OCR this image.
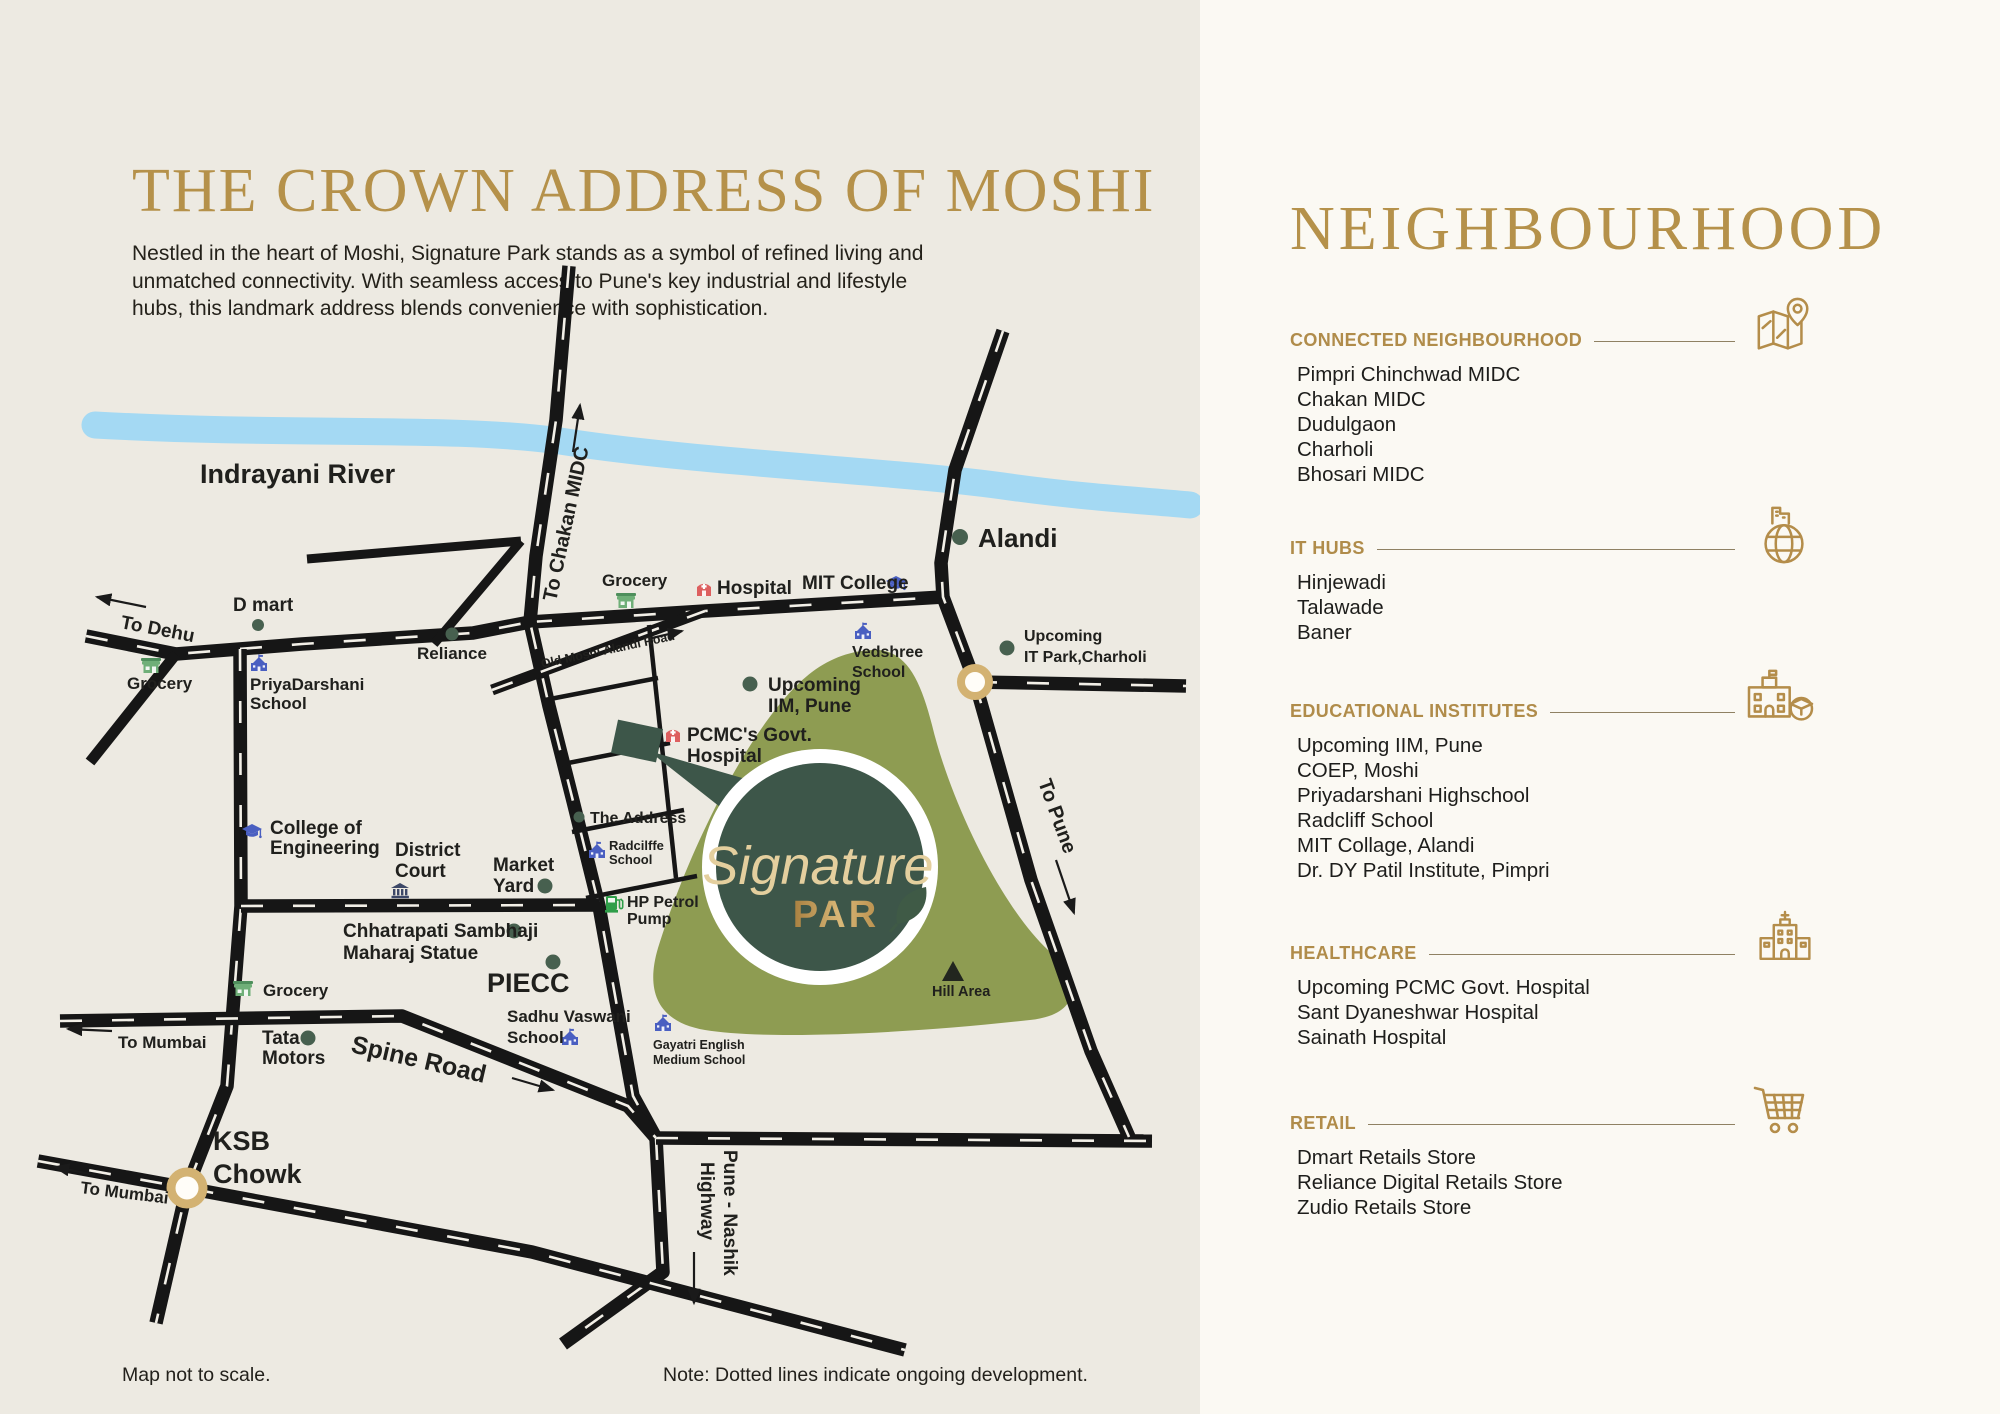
THE CROWN ADDRESS OF MOSHI
Nestled in the heart of Moshi, Signature Park stands as a symbol of refined living and
unmatched connectivity. With seamless access to Pune's key industrial and lifestyle
hubs, this landmark address blends convenience with sophistication.
Signature
PAR
Hill Area
Indrayani River
To Dehu
D mart
Grocery	PriyaDarshani
School
Reliance
To Chakan MIDC Grocery	Hospital MIT College
Old Moshi Alandi Road	Vedshree
School
Alandi
Upcoming
IT Park,Charholi
Upcoming
IIM, Pune
PCMC's Govt.
Hospital
The Address
Radcilffe
School
HP Petrol
Pump
College of
Engineering District
Court Market
Yard
Chhatrapati Sambhaji
Maharaj Statue
PIECC
Grocery
Tata
Motors
Sadhu Vaswani
School
Spine Road	Gayatri English
Medium School
To Mumbai
KSB
Chowk
To Mumbai
To Pune
Pune - Nashik
Highway
Map not to scale.	Note: Dotted lines indicate ongoing development.
NEIGHBOURHOOD
CONNECTED NEIGHBOURHOOD
Pimpri Chinchwad MIDC
Chakan MIDC
Dudulgaon
Charholi
Bhosari MIDC
IT HUBS
Hinjewadi
Talawade
Baner
EDUCATIONAL INSTITUTES
Upcoming IIM, Pune
COEP, Moshi
Priyadarshani Highschool
Radcliff School
MIT Collage, Alandi
Dr. DY Patil Institute, Pimpri
HEALTHCARE
Upcoming PCMC Govt. Hospital
Sant Dyaneshwar Hospital
Sainath Hospital
RETAIL
Dmart Retails Store
Reliance Digital Retails Store
Zudio Retails Store
